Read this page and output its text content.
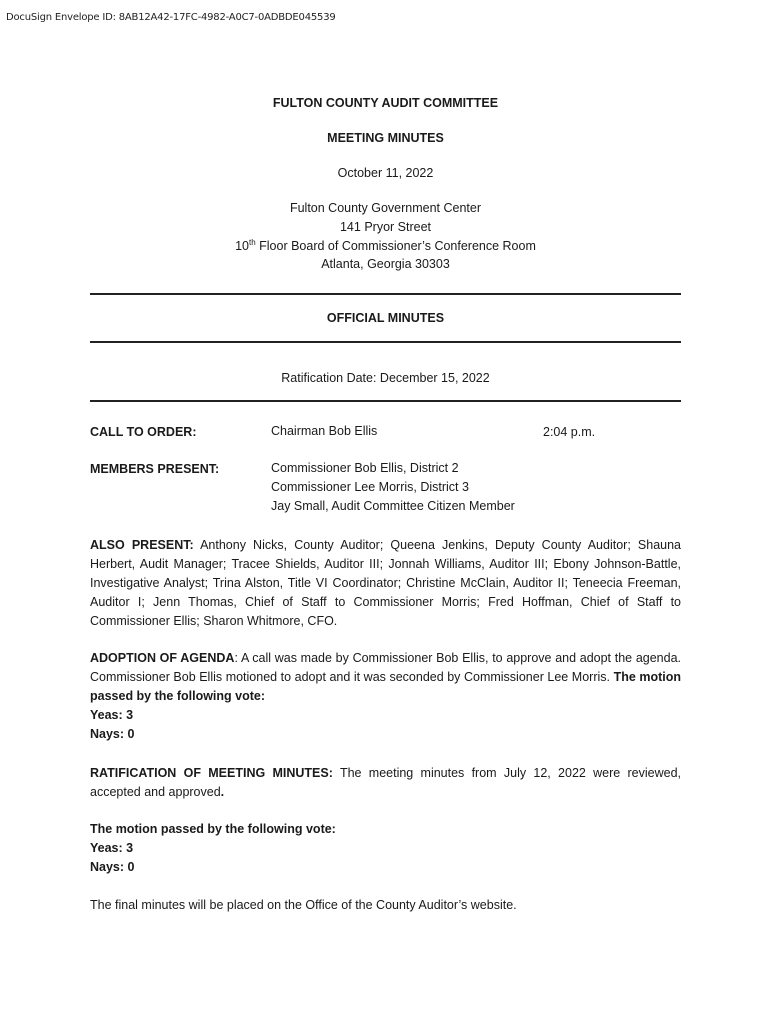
DocuSign Envelope ID: 8AB12A42-17FC-4982-A0C7-0ADBDE045539
FULTON COUNTY AUDIT COMMITTEE
MEETING MINUTES
October 11, 2022
Fulton County Government Center
141 Pryor Street
10th Floor Board of Commissioner’s Conference Room
Atlanta, Georgia 30303
OFFICIAL MINUTES
Ratification Date: December 15, 2022
CALL TO ORDER:	Chairman Bob Ellis	2:04 p.m.
MEMBERS PRESENT:	Commissioner Bob Ellis, District 2
Commissioner Lee Morris, District 3
Jay Small, Audit Committee Citizen Member
ALSO PRESENT: Anthony Nicks, County Auditor; Queena Jenkins, Deputy County Auditor; Shauna Herbert, Audit Manager; Tracee Shields, Auditor III; Jonnah Williams, Auditor III; Ebony Johnson-Battle, Investigative Analyst; Trina Alston, Title VI Coordinator; Christine McClain, Auditor II; Teneecia Freeman, Auditor I; Jenn Thomas, Chief of Staff to Commissioner Morris; Fred Hoffman, Chief of Staff to Commissioner Ellis; Sharon Whitmore, CFO.
ADOPTION OF AGENDA: A call was made by Commissioner Bob Ellis, to approve and adopt the agenda. Commissioner Bob Ellis motioned to adopt and it was seconded by Commissioner Lee Morris. The motion passed by the following vote:
Yeas: 3
Nays: 0
RATIFICATION OF MEETING MINUTES: The meeting minutes from July 12, 2022 were reviewed, accepted and approved.
The motion passed by the following vote:
Yeas: 3
Nays: 0
The final minutes will be placed on the Office of the County Auditor’s website.
